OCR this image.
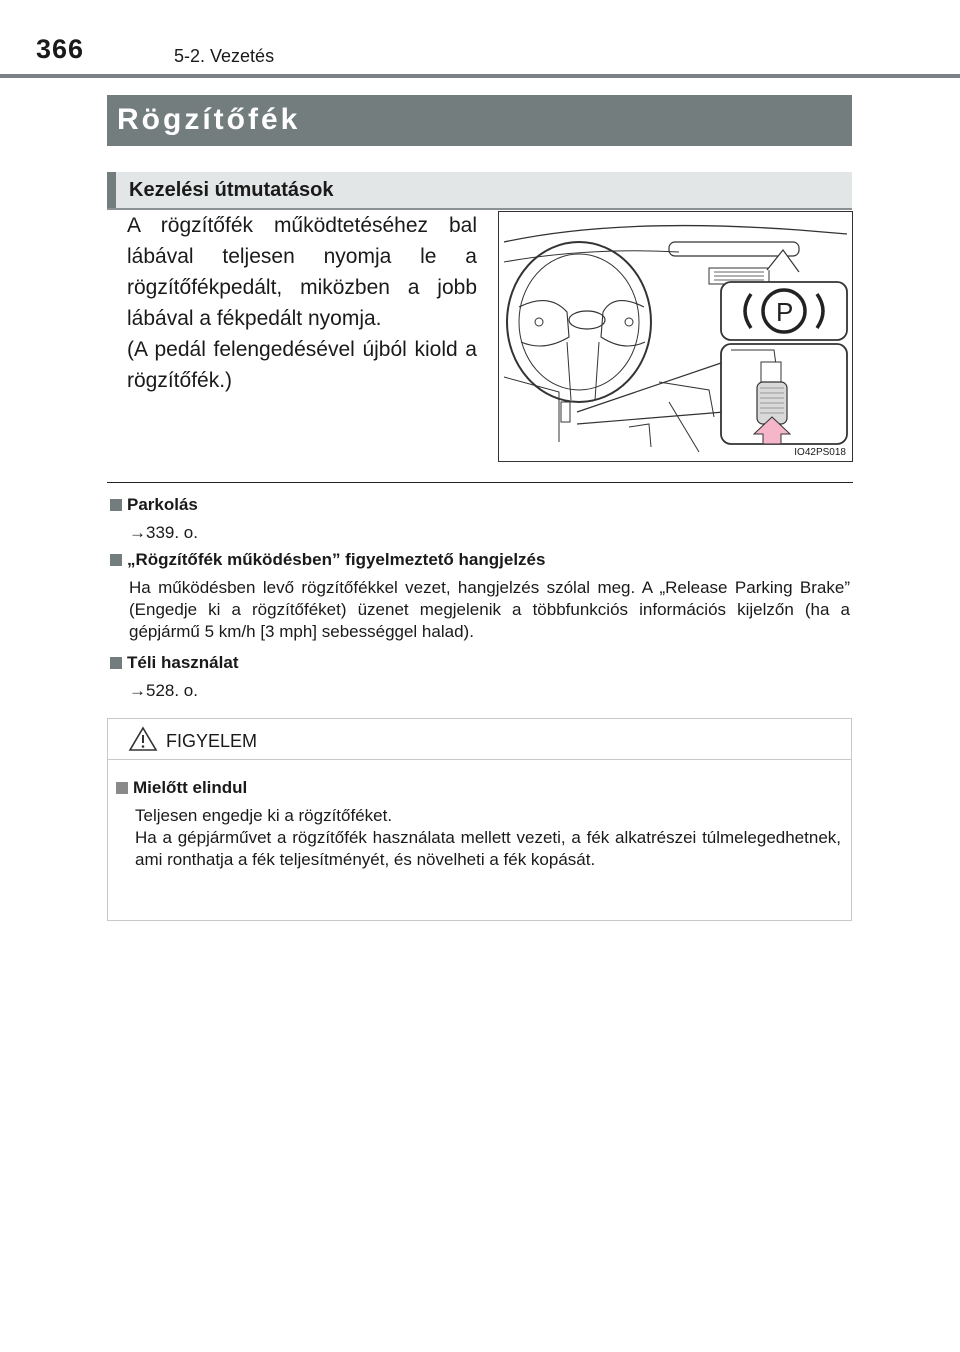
366	5-2. Vezetés
Rögzítőfék
Kezelési útmutatások

A rögzítőfék működtetéséhez bal lábával teljesen nyomja le a rögzítőfékpedált, miközben a jobb lábával a fékpedált nyomja.

(A pedál felengedésével újból kiold a rögzítőfék.)

P
IO42PS018
Parkolás
→339. o.
„Rögzítőfék működésben” figyelmeztető hangjelzés
Ha működésben levő rögzítőfékkel vezet, hangjelzés szólal meg. A „Release Parking Brake” (Engedje ki a rögzítőféket) üzenet megjelenik a többfunkciós információs kijelzőn (ha a gépjármű 5 km/h [3 mph] sebességgel halad).
Téli használat
→528. o.
FIGYELEM
Mielőtt elindul

Teljesen engedje ki a rögzítőféket.

Ha a gépjárművet a rögzítőfék használata mellett vezeti, a fék alkatrészei túlmelegedhetnek, ami ronthatja a fék teljesítményét, és növelheti a fék kopását.
